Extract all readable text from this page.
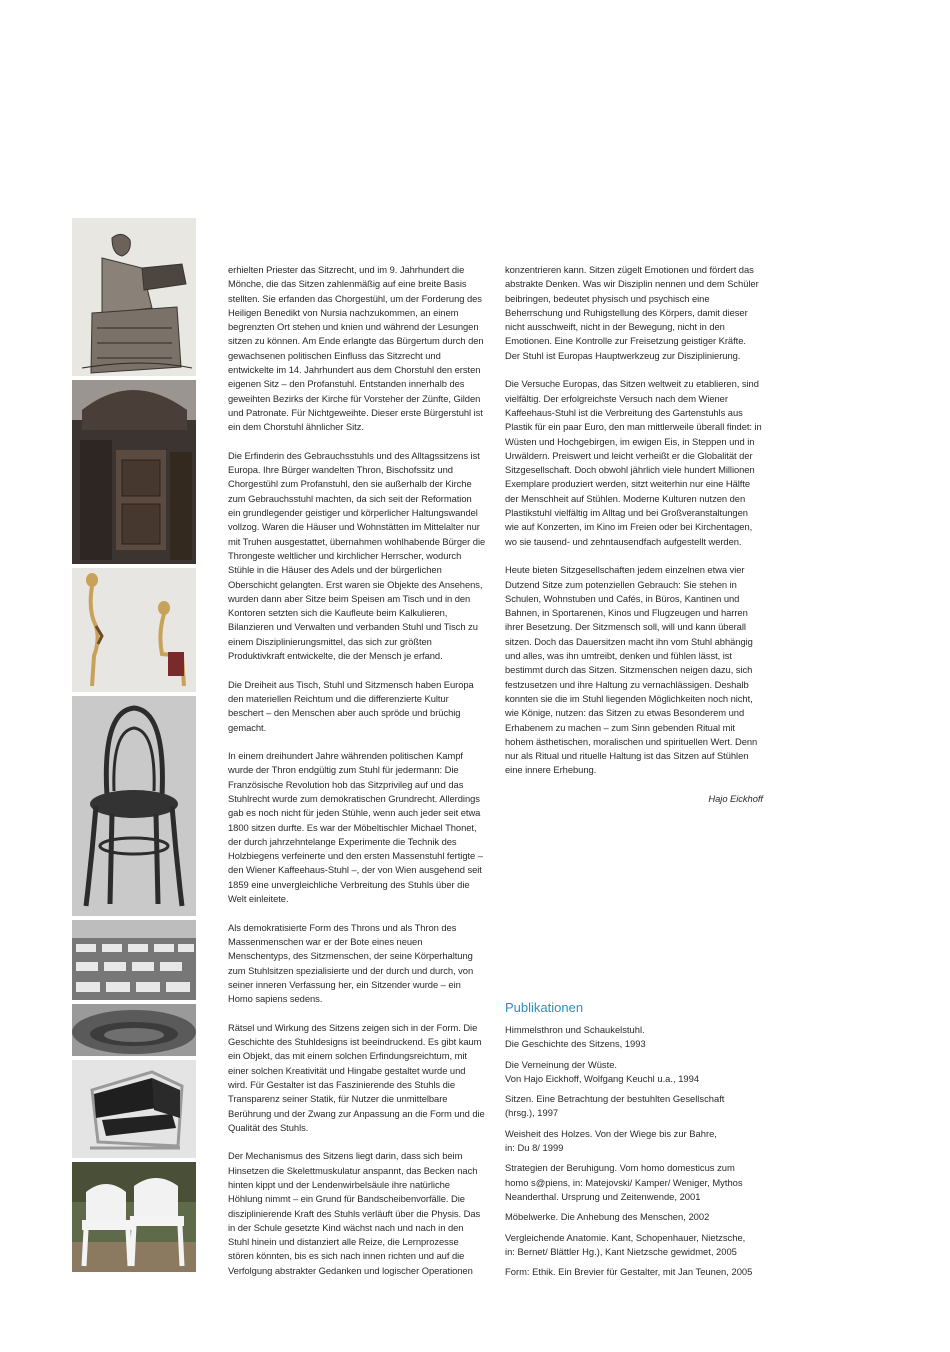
erhielten Priester das Sitzrecht, und im 9. Jahrhundert die Mönche, die das Sitzen zahlenmäßig auf eine breite Basis stellten. Sie erfanden das Chorgestühl, um der Forderung des Heiligen Benedikt von Nursia nachzukommen, an einem begrenzten Ort stehen und knien und während der Lesungen sitzen zu können. Am Ende erlangte das Bürgertum durch den gewachsenen politischen Einfluss das Sitzrecht und entwickelte im 14. Jahrhundert aus dem Chorstuhl den ersten eigenen Sitz – den Profanstuhl. Entstanden innerhalb des geweihten Bezirks der Kirche für Vorsteher der Zünfte, Gilden und Patronate. Für Nichtgeweihte. Dieser erste Bürgerstuhl ist ein dem Chorstuhl ähnlicher Sitz.

Die Erfinderin des Gebrauchsstuhls und des Alltagssitzens ist Europa. Ihre Bürger wandelten Thron, Bischofssitz und Chorgestühl zum Profanstuhl, den sie außerhalb der Kirche zum Gebrauchsstuhl machten, da sich seit der Reformation ein grundlegender geistiger und körperlicher Haltungswandel vollzog. Waren die Häuser und Wohnstätten im Mittelalter nur mit Truhen ausgestattet, übernahmen wohlhabende Bürger die Throngeste weltlicher und kirchlicher Herrscher, wodurch Stühle in die Häuser des Adels und der bürgerlichen Oberschicht gelangten. Erst waren sie Objekte des Ansehens, wurden dann aber Sitze beim Speisen am Tisch und in den Kontoren setzten sich die Kaufleute beim Kalkulieren, Bilanzieren und Verwalten und verbanden Stuhl und Tisch zu einem Disziplinierungsmittel, das sich zur größten Produktivkraft entwickelte, die der Mensch je erfand.

Die Dreiheit aus Tisch, Stuhl und Sitzmensch haben Europa den materiellen Reichtum und die differenzierte Kultur beschert – den Menschen aber auch spröde und brüchig gemacht.

In einem dreihundert Jahre währenden politischen Kampf wurde der Thron endgültig zum Stuhl für jedermann: Die Französische Revolution hob das Sitzprivileg auf und das Stuhlrecht wurde zum demokratischen Grundrecht. Allerdings gab es noch nicht für jeden Stühle, wenn auch jeder seit etwa 1800 sitzen durfte. Es war der Möbeltischler Michael Thonet, der durch jahrzehntelange Experimente die Technik des Holzbiegens verfeinerte und den ersten Massenstuhl fertigte – den Wiener Kaffeehaus-Stuhl –, der von Wien ausgehend seit 1859 eine unvergleichliche Verbreitung des Stuhls über die Welt einleitete.

Als demokratisierte Form des Throns und als Thron des Massenmenschen war er der Bote eines neuen Menschentyps, des Sitzmenschen, der seine Körperhaltung zum Stuhlsitzen spezialisierte und der durch und durch, von seiner inneren Verfassung her, ein Sitzender wurde – ein Homo sapiens sedens.

Rätsel und Wirkung des Sitzens zeigen sich in der Form. Die Geschichte des Stuhldesigns ist beeindruckend. Es gibt kaum ein Objekt, das mit einem solchen Erfindungsreichtum, mit einer solchen Kreativität und Hingabe gestaltet wurde und wird. Für Gestalter ist das Faszinierende des Stuhls die Transparenz seiner Statik, für Nutzer die unmittelbare Berührung und der Zwang zur Anpassung an die Form und die Qualität des Stuhls.

Der Mechanismus des Sitzens liegt darin, dass sich beim Hinsetzen die Skelettmuskulatur anspannt, das Becken nach hinten kippt und der Lendenwirbelsäule ihre natürliche Höhlung nimmt – ein Grund für Bandscheibenvorfälle. Die disziplinierende Kraft des Stuhls verläuft über die Physis. Das in der Schule gesetzte Kind wächst nach und nach in den Stuhl hinein und distanziert alle Reize, die Lernprozesse stören könnten, bis es sich nach innen richten und auf die Verfolgung abstrakter Gedanken und logischer Operationen

konzentrieren kann. Sitzen zügelt Emotionen und fördert das abstrakte Denken. Was wir Disziplin nennen und dem Schüler beibringen, bedeutet physisch und psychisch eine Beherrschung und Ruhigstellung des Körpers, damit dieser nicht ausschweift, nicht in der Bewegung, nicht in den Emotionen. Eine Kontrolle zur Freisetzung geistiger Kräfte. Der Stuhl ist Europas Hauptwerkzeug zur Disziplinierung.

Die Versuche Europas, das Sitzen weltweit zu etablieren, sind vielfältig. Der erfolgreichste Versuch nach dem Wiener Kaffeehaus-Stuhl ist die Verbreitung des Gartenstuhls aus Plastik für ein paar Euro, den man mittlerweile überall findet: in Wüsten und Hochgebirgen, im ewigen Eis, in Steppen und in Urwäldern. Preiswert und leicht verheißt er die Globalität der Sitzgesellschaft. Doch obwohl jährlich viele hundert Millionen Exemplare produziert werden, sitzt weiterhin nur eine Hälfte der Menschheit auf Stühlen. Moderne Kulturen nutzen den Plastikstuhl vielfältig im Alltag und bei Großveranstaltungen wie auf Konzerten, im Kino im Freien oder bei Kirchentagen, wo sie tausend- und zehntausendfach aufgestellt werden.

Heute bieten Sitzgesellschaften jedem einzelnen etwa vier Dutzend Sitze zum potenziellen Gebrauch: Sie stehen in Schulen, Wohnstuben und Cafés, in Büros, Kantinen und Bahnen, in Sportarenen, Kinos und Flugzeugen und harren ihrer Besetzung. Der Sitzmensch soll, will und kann überall sitzen. Doch das Dauersitzen macht ihn vom Stuhl abhängig und alles, was ihn umtreibt, denken und fühlen lässt, ist bestimmt durch das Sitzen. Sitzmenschen neigen dazu, sich festzusetzen und ihre Haltung zu vernachlässigen. Deshalb konnten sie die im Stuhl liegenden Möglichkeiten noch nicht, wie Könige, nutzen: das Sitzen zu etwas Besonderem und Erhabenem zu machen – zum Sinn gebenden Ritual mit hohem ästhetischen, moralischen und spirituellen Wert. Denn nur als Ritual und rituelle Haltung ist das Sitzen auf Stühlen eine innere Erhebung.

Hajo Eickhoff
Publikationen
Himmelsthron und Schaukelstuhl.
Die Geschichte des Sitzens, 1993
Die Verneinung der Wüste.
Von Hajo Eickhoff, Wolfgang Keuchl u.a., 1994
Sitzen. Eine Betrachtung der bestuhlten Gesellschaft
(hrsg.), 1997
Weisheit des Holzes. Von der Wiege bis zur Bahre,
in: Du 8/ 1999
Strategien der Beruhigung. Vom homo domesticus zum
homo s@piens, in: Matejovski/ Kamper/ Weniger, Mythos
Neanderthal. Ursprung und Zeitenwende, 2001
Möbelwerke. Die Anhebung des Menschen, 2002
Vergleichende Anatomie. Kant, Schopenhauer, Nietzsche,
in: Bernet/ Blättler Hg.), Kant Nietzsche gewidmet, 2005
Form: Ethik. Ein Brevier für Gestalter, mit Jan Teunen, 2005
